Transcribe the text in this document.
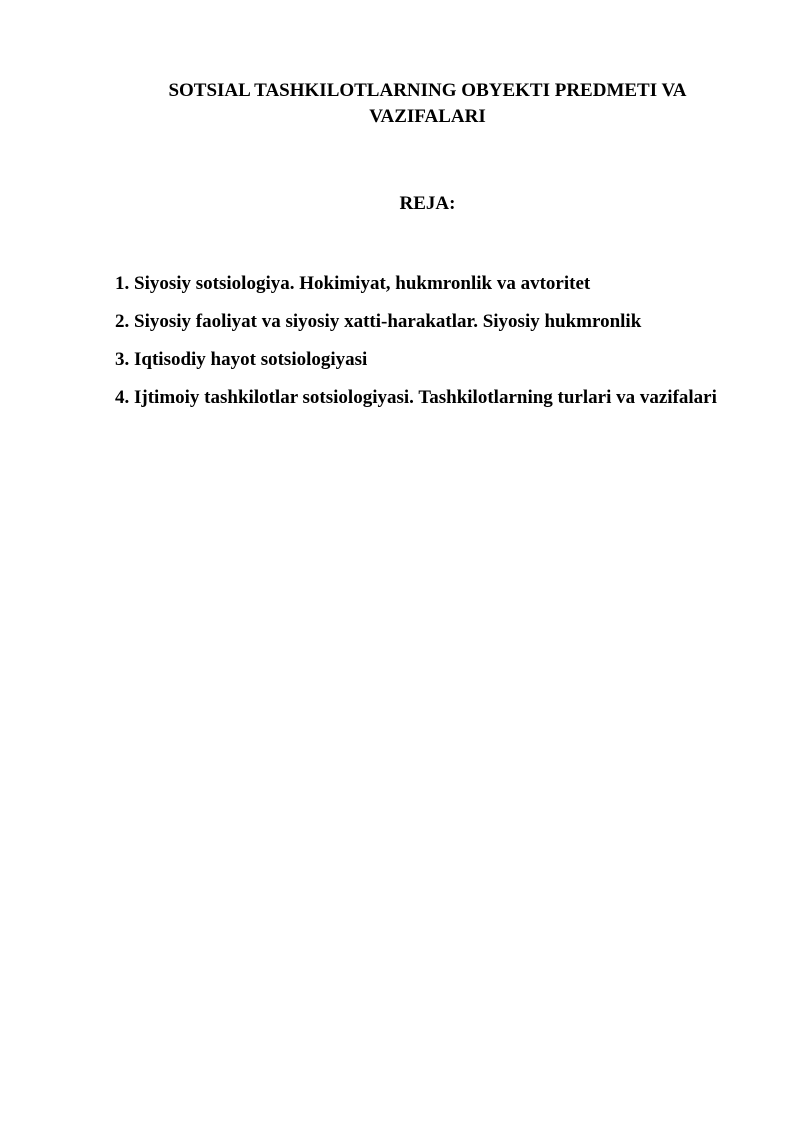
SOTSIAL TASHKILOTLARNING OBYEKTI PREDMETI VA VAZIFALARI
REJA:
1. Siyosiy sotsiologiya. Hokimiyat, hukmronlik va avtoritet
2. Siyosiy faoliyat va siyosiy xatti-harakatlar. Siyosiy hukmronlik
3. Iqtisodiy hayot sotsiologiyasi
4. Ijtimoiy tashkilotlar sotsiologiyasi. Tashkilotlarning turlari va vazifalari
